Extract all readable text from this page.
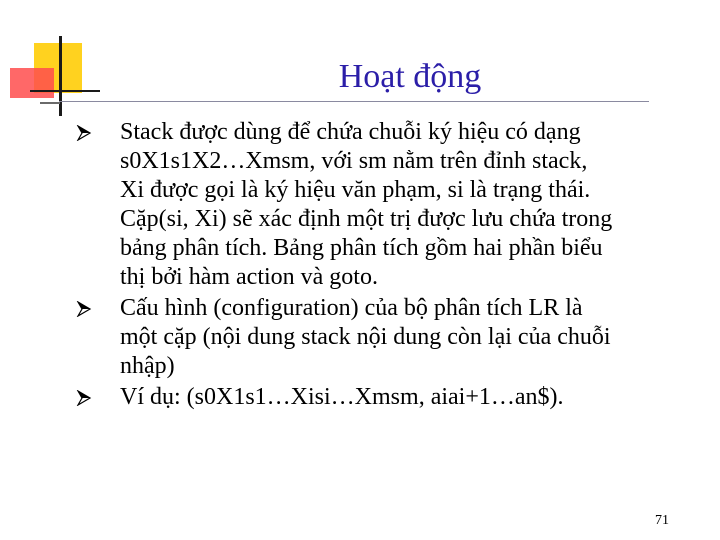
Hoạt động
Stack được dùng để chứa chuỗi ký hiệu có dạng
s0X1s1X2…Xmsm, với sm nằm trên đỉnh stack,
Xi được gọi là ký hiệu văn phạm, si là trạng thái.
Cặp(si, Xi) sẽ xác định một trị được lưu chứa trong
bảng phân tích. Bảng phân tích gồm hai phần biểu
thị bởi hàm action và goto.
Cấu hình (configuration) của bộ phân tích LR là
một cặp (nội dung stack nội dung còn lại của chuỗi
nhập)
Ví dụ: (s0X1s1…Xisi…Xmsm, aiai+1…an$).
71
